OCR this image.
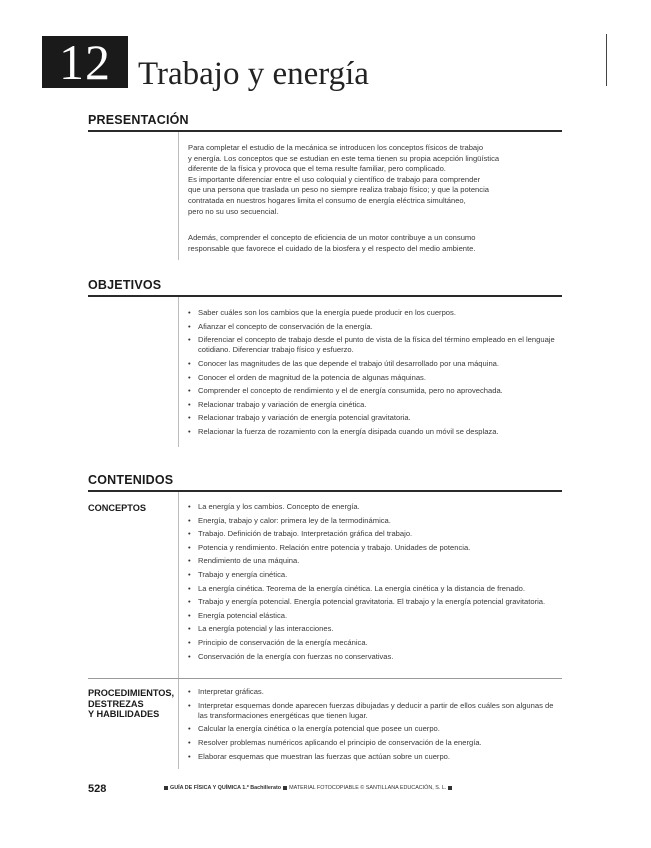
12 Trabajo y energía
PRESENTACIÓN
Para completar el estudio de la mecánica se introducen los conceptos físicos de trabajo
y energía. Los conceptos que se estudian en este tema tienen su propia acepción lingüística
diferente de la física y provoca que el tema resulte familiar, pero complicado.
Es importante diferenciar entre el uso coloquial y científico de trabajo para comprender
que una persona que traslada un peso no siempre realiza trabajo físico; y que la potencia
contratada en nuestros hogares limita el consumo de energía eléctrica simultáneo,
pero no su uso secuencial.
Además, comprender el concepto de eficiencia de un motor contribuye a un consumo
responsable que favorece el cuidado de la biosfera y el respecto del medio ambiente.
OBJETIVOS
• Saber cuáles son los cambios que la energía puede producir en los cuerpos.
• Afianzar el concepto de conservación de la energía.
• Diferenciar el concepto de trabajo desde el punto de vista de la física del término empleado en el lenguaje cotidiano. Diferenciar trabajo físico y esfuerzo.
• Conocer las magnitudes de las que depende el trabajo útil desarrollado por una máquina.
• Conocer el orden de magnitud de la potencia de algunas máquinas.
• Comprender el concepto de rendimiento y el de energía consumida, pero no aprovechada.
• Relacionar trabajo y variación de energía cinética.
• Relacionar trabajo y variación de energía potencial gravitatoria.
• Relacionar la fuerza de rozamiento con la energía disipada cuando un móvil se desplaza.
CONTENIDOS
CONCEPTOS	• La energía y los cambios. Concepto de energía.
• Energía, trabajo y calor: primera ley de la termodinámica.
• Trabajo. Definición de trabajo. Interpretación gráfica del trabajo.
• Potencia y rendimiento. Relación entre potencia y trabajo. Unidades de potencia.
• Rendimiento de una máquina.
• Trabajo y energía cinética.
• La energía cinética. Teorema de la energía cinética. La energía cinética y la distancia de frenado.
• Trabajo y energía potencial. Energía potencial gravitatoria. El trabajo y la energía potencial gravitatoria.
• Energía potencial elástica.
• La energía potencial y las interacciones.
• Principio de conservación de la energía mecánica.
• Conservación de la energía con fuerzas no conservativas.
PROCEDIMIENTOS,
DESTREZAS
Y HABILIDADES
• Interpretar gráficas.
• Interpretar esquemas donde aparecen fuerzas dibujadas y deducir a partir de ellos cuáles son algunas de las transformaciones energéticas que tienen lugar.
• Calcular la energía cinética o la energía potencial que posee un cuerpo.
• Resolver problemas numéricos aplicando el principio de conservación de la energía.
• Elaborar esquemas que muestran las fuerzas que actúan sobre un cuerpo.
528	GUÍA DE FÍSICA Y QUÍMICA 1.º Bachillerato MATERIAL FOTOCOPIABLE © SANTILLANA EDUCACIÓN, S. L.
